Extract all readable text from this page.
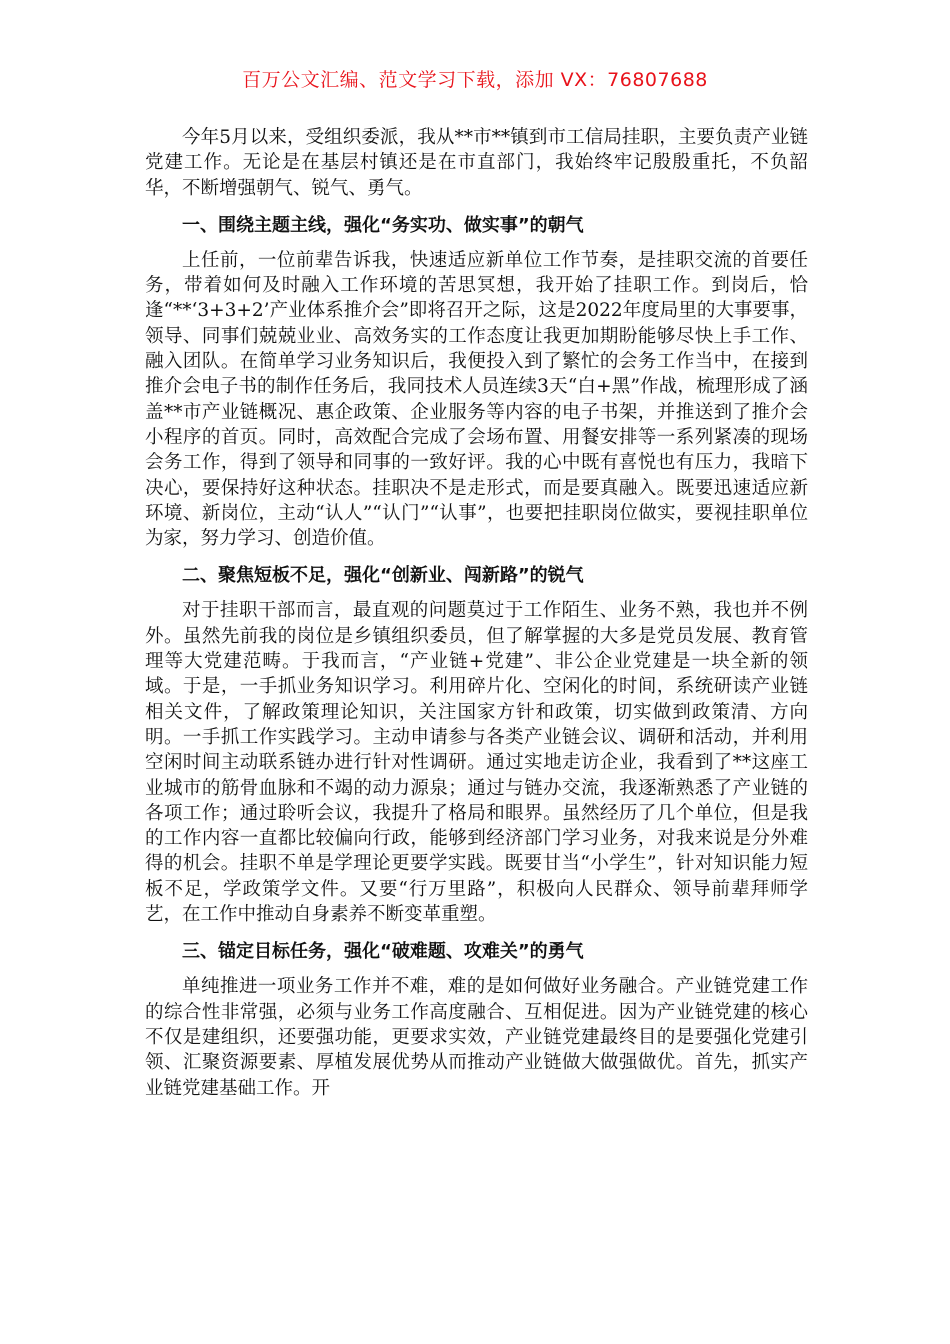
百万公文汇编、范文学习下载，添加 VX：76807688

今年5月以来，受组织委派，我从**市**镇到市工信局挂职，主要负责产业链党建工作。无论是在基层村镇还是在市直部门，我始终牢记殷殷重托，不负韶华，不断增强朝气、锐气、勇气。

一、围绕主题主线，强化“务实功、做实事”的朝气

上任前，一位前辈告诉我，快速适应新单位工作节奏，是挂职交流的首要任务，带着如何及时融入工作环境的苦思冥想，我开始了挂职工作。到岗后，恰逢“**‘3+3+2’产业体系推介会”即将召开之际，这是2022年度局里的大事要事，领导、同事们兢兢业业、高效务实的工作态度让我更加期盼能够尽快上手工作、融入团队。在简单学习业务知识后，我便投入到了繁忙的会务工作当中，在接到推介会电子书的制作任务后，我同技术人员连续3天“白+黑”作战，梳理形成了涵盖**市产业链概况、惠企政策、企业服务等内容的电子书架，并推送到了推介会小程序的首页。同时，高效配合完成了会场布置、用餐安排等一系列紧凑的现场会务工作，得到了领导和同事的一致好评。我的心中既有喜悦也有压力，我暗下决心，要保持好这种状态。挂职决不是走形式，而是要真融入。既要迅速适应新环境、新岗位，主动“认人”“认门”“认事”，也要把挂职岗位做实，要视挂职单位为家，努力学习、创造价值。

二、聚焦短板不足，强化“创新业、闯新路”的锐气

对于挂职干部而言，最直观的问题莫过于工作陌生、业务不熟，我也并不例外。虽然先前我的岗位是乡镇组织委员，但了解掌握的大多是党员发展、教育管理等大党建范畴。于我而言，“产业链+党建”、非公企业党建是一块全新的领域。于是，一手抓业务知识学习。利用碎片化、空闲化的时间，系统研读产业链相关文件，了解政策理论知识，关注国家方针和政策，切实做到政策清、方向明。一手抓工作实践学习。主动申请参与各类产业链会议、调研和活动，并利用空闲时间主动联系链办进行针对性调研。通过实地走访企业，我看到了**这座工业城市的筋骨血脉和不竭的动力源泉；通过与链办交流，我逐渐熟悉了产业链的各项工作；通过聆听会议，我提升了格局和眼界。虽然经历了几个单位，但是我的工作内容一直都比较偏向行政，能够到经济部门学习业务，对我来说是分外难得的机会。挂职不单是学理论更要学实践。既要甘当“小学生”，针对知识能力短板不足，学政策学文件。又要“行万里路”，积极向人民群众、领导前辈拜师学艺，在工作中推动自身素养不断变革重塑。

三、锚定目标任务，强化“破难题、攻难关”的勇气

单纯推进一项业务工作并不难，难的是如何做好业务融合。产业链党建工作的综合性非常强，必须与业务工作高度融合、互相促进。因为产业链党建的核心不仅是建组织，还要强功能，更要求实效，产业链党建最终目的是要强化党建引领、汇聚资源要素、厚植发展优势从而推动产业链做大做强做优。首先，抓实产业链党建基础工作。开
